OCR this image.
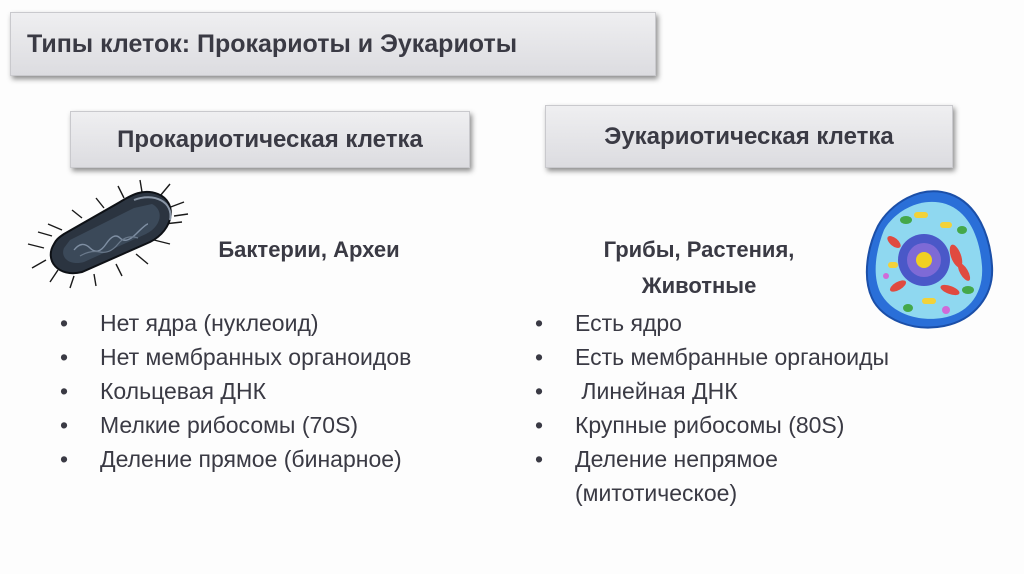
Типы клеток: Прокариоты и Эукариоты
Прокариотическая клетка	Эукариотическая клетка
Бактерии, Археи	Грибы, Растения,
Животные
• Нет ядра (нуклеоид)
• Нет мембранных органоидов
• Кольцевая ДНК
• Мелкие рибосомы (70S)
• Деление прямое (бинарное)
• Есть ядро
• Есть мембранные органоиды
•  Линейная ДНК
• Крупные рибосомы (80S)
• Деление непрямое
(митотическое)
